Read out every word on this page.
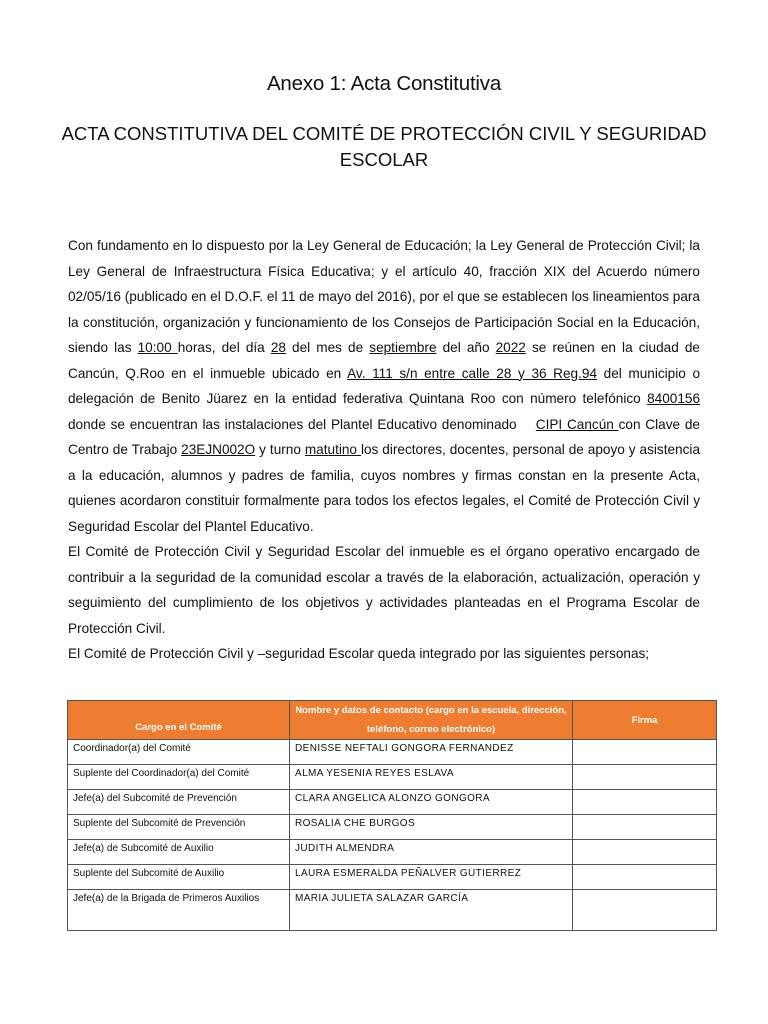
Anexo 1: Acta Constitutiva
ACTA CONSTITUTIVA DEL COMITÉ DE PROTECCIÓN CIVIL Y SEGURIDAD ESCOLAR

Con fundamento en lo dispuesto por la Ley General de Educación; la Ley General de Protección Civil; la Ley General de Infraestructura Física Educativa; y el artículo 40, fracción XIX del Acuerdo número 02/05/16 (publicado en el D.O.F. el 11 de mayo del 2016), por el que se establecen los lineamientos para la constitución, organización y funcionamiento de los Consejos de Participación Social en la Educación, siendo las 10:00 horas, del día 28 del mes de septiembre del año 2022 se reúnen en la ciudad de Cancún, Q.Roo en el inmueble ubicado en Av. 111 s/n entre calle 28 y 36 Reg.94 del municipio o delegación de Benito Jüarez en la entidad federativa Quintana Roo con número telefónico 8400156 donde se encuentran las instalaciones del Plantel Educativo denominado    CIPI Cancún con Clave de Centro de Trabajo 23EJN002O y turno matutino los directores, docentes, personal de apoyo y asistencia a la educación, alumnos y padres de familia, cuyos nombres y firmas constan en la presente Acta, quienes acordaron constituir formalmente para todos los efectos legales, el Comité de Protección Civil y Seguridad Escolar del Plantel Educativo.

El Comité de Protección Civil y Seguridad Escolar del inmueble es el órgano operativo encargado de contribuir a la seguridad de la comunidad escolar a través de la elaboración, actualización, operación y seguimiento del cumplimiento de los objetivos y actividades planteadas en el Programa Escolar de Protección Civil.

El Comité de Protección Civil y –seguridad Escolar queda integrado por las siguientes personas;

Cargo en el Comité	Nombre y datos de contacto (cargo en la escuela, dirección, teléfono, correo electrónico)	Firma
Coordinador(a) del Comité	DENISSE NEFTALI GONGORA FERNANDEZ	
Suplente del Coordinador(a) del Comité	ALMA YESENIA REYES ESLAVA	
Jefe(a) del Subcomité de Prevención	CLARA ANGELICA ALONZO GONGORA	
Suplente del Subcomité de Prevención	ROSALIA CHE BURGOS	
Jefe(a) de Subcomité de Auxilio	JUDITH ALMENDRA	
Suplente del Subcomité de Auxilio	LAURA ESMERALDA PEÑALVER GUTIERREZ	
Jefe(a) de la Brigada de Primeros Auxilios	MARIA JULIETA SALAZAR GARCÍA	
